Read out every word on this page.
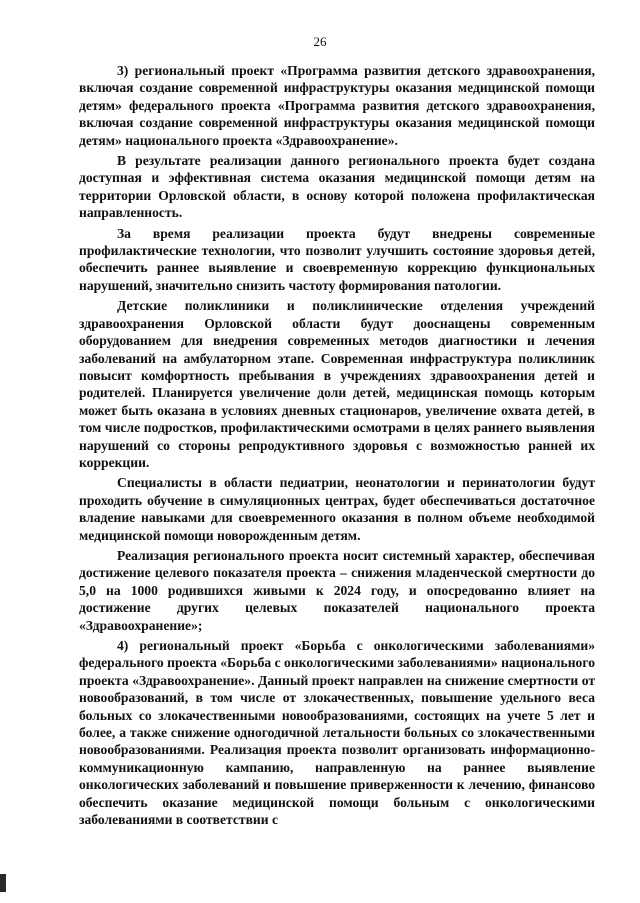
26

3) региональный проект «Программа развития детского здравоохранения, включая создание современной инфраструктуры оказания медицинской помощи детям» федерального проекта «Программа развития детского здравоохранения, включая создание современной инфраструктуры оказания медицинской помощи детям» национального проекта «Здравоохранение».

В результате реализации данного регионального проекта будет создана доступная и эффективная система оказания медицинской помощи детям на территории Орловской области, в основу которой положена профилактическая направленность.

За время реализации проекта будут внедрены современные профилактические технологии, что позволит улучшить состояние здоровья детей, обеспечить раннее выявление и своевременную коррекцию функциональных нарушений, значительно снизить частоту формирования патологии.

Детские поликлиники и поликлинические отделения учреждений здравоохранения Орловской области будут дооснащены современным оборудованием для внедрения современных методов диагностики и лечения заболеваний на амбулаторном этапе. Современная инфраструктура поликлиник повысит комфортность пребывания в учреждениях здравоохранения детей и родителей. Планируется увеличение доли детей, медицинская помощь которым может быть оказана в условиях дневных стационаров, увеличение охвата детей, в том числе подростков, профилактическими осмотрами в целях раннего выявления нарушений со стороны репродуктивного здоровья с возможностью ранней их коррекции.

Специалисты в области педиатрии, неонатологии и перинатологии будут проходить обучение в симуляционных центрах, будет обеспечиваться достаточное владение навыками для своевременного оказания в полном объеме необходимой медицинской помощи новорожденным детям.

Реализация регионального проекта носит системный характер, обеспечивая достижение целевого показателя проекта – снижения младенческой смертности до 5,0 на 1000 родившихся живыми к 2024 году, и опосредованно влияет на достижение других целевых показателей национального проекта «Здравоохранение»;

4) региональный проект «Борьба с онкологическими заболеваниями» федерального проекта «Борьба с онкологическими заболеваниями» национального проекта «Здравоохранение». Данный проект направлен на снижение смертности от новообразований, в том числе от злокачественных, повышение удельного веса больных со злокачественными новообразованиями, состоящих на учете 5 лет и более, а также снижение одногодичной летальности больных со злокачественными новообразованиями. Реализация проекта позволит организовать информационно-коммуникационную кампанию, направленную на раннее выявление онкологических заболеваний и повышение приверженности к лечению, финансово обеспечить оказание медицинской помощи больным с онкологическими заболеваниями в соответствии с
